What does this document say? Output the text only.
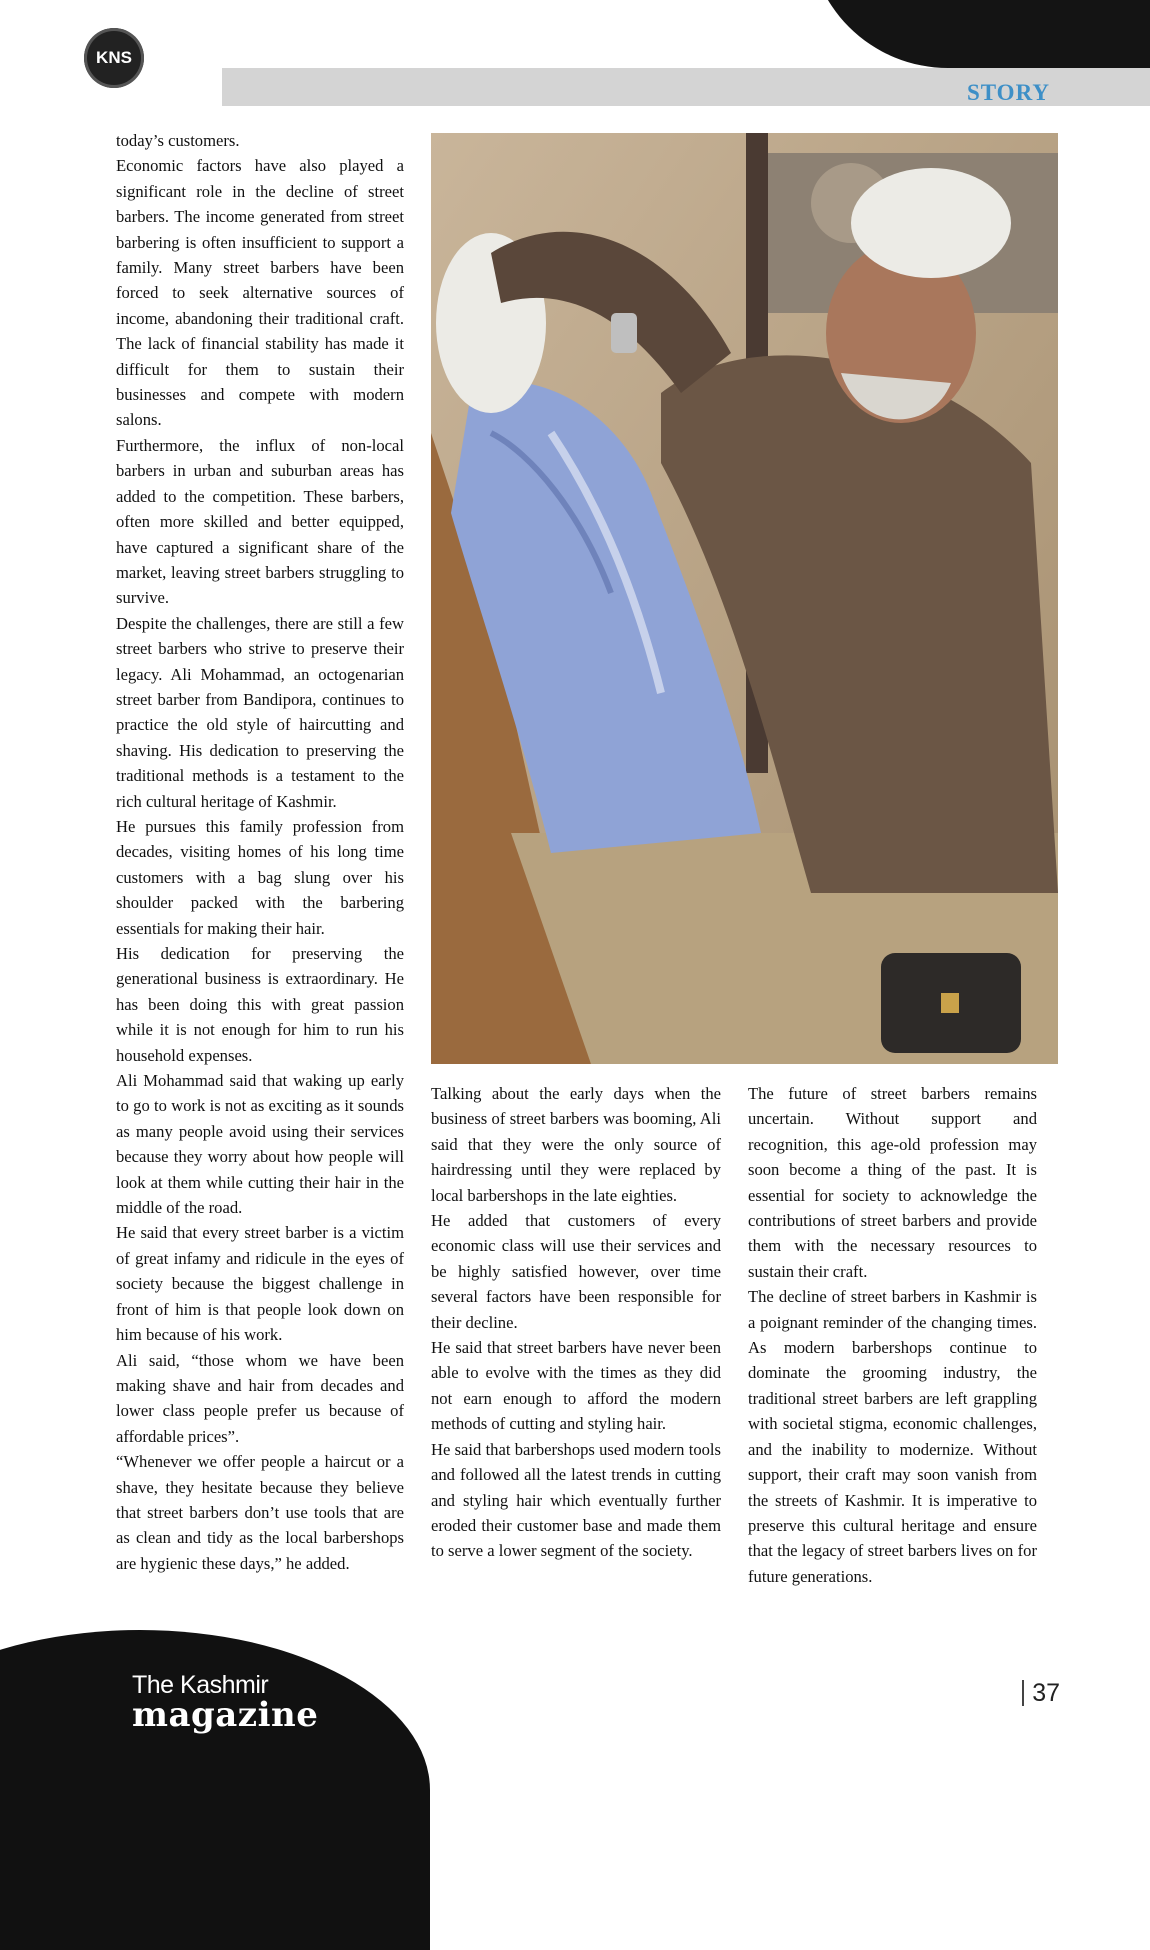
KNS
STORY

today’s customers.

Economic factors have also played a significant role in the decline of street barbers. The income generated from street barbering is often insufficient to support a family. Many street barbers have been forced to seek alternative sources of income, abandoning their traditional craft. The lack of financial stability has made it difficult for them to sustain their businesses and compete with modern salons.

Furthermore, the influx of non-local barbers in urban and suburban areas has added to the competition. These barbers, often more skilled and better equipped, have captured a significant share of the market, leaving street barbers struggling to survive.

Despite the challenges, there are still a few street barbers who strive to preserve their legacy. Ali Mohammad, an octogenarian street barber from Bandipora, continues to practice the old style of haircutting and shaving. His dedication to preserving the traditional methods is a testament to the rich cultural heritage of Kashmir.

He pursues this family profession from decades, visiting homes of his long time customers with a bag slung over his shoulder packed with the barbering essentials for making their hair.

His dedication for preserving the generational business is extraordinary. He has been doing this with great passion while it is not enough for him to run his household expenses.

Ali Mohammad said that waking up early to go to work is not as exciting as it sounds as many people avoid using their services because they worry about how people will look at them while cutting their hair in the middle of the road.

He said that every street barber is a victim of great infamy and ridicule in the eyes of society because the biggest challenge in front of him is that people look down on him because of his work.

Ali said, “those whom we have been making shave and hair from decades and lower class people prefer us because of affordable prices”.

“Whenever we offer people a haircut or a shave, they hesitate because they believe that street barbers don’t use tools that are as clean and tidy as the local barbershops are hygienic these days,” he added.

Talking about the early days when the business of street barbers was booming, Ali said that they were the only source of hairdressing until they were replaced by local barbershops in the late eighties.

He added that customers of every economic class will use their services and be highly satisfied however, over time several factors have been responsible for their decline.

He said that street barbers have never been able to evolve with the times as they did not earn enough to afford the modern methods of cutting and styling hair.

He said that barbershops used modern tools and followed all the latest trends in cutting and styling hair which eventually further eroded their customer base and made them to serve a lower segment of the society.

The future of street barbers remains uncertain. Without support and recognition, this age-old profession may soon become a thing of the past. It is essential for society to acknowledge the contributions of street barbers and provide them with the necessary resources to sustain their craft.

The decline of street barbers in Kashmir is a poignant reminder of the changing times. As modern barbershops continue to dominate the grooming industry, the traditional street barbers are left grappling with societal stigma, economic challenges, and the inability to modernize. Without support, their craft may soon vanish from the streets of Kashmir. It is imperative to preserve this cultural heritage and ensure that the legacy of street barbers lives on for future generations.

The Kashmir
magazine
37
